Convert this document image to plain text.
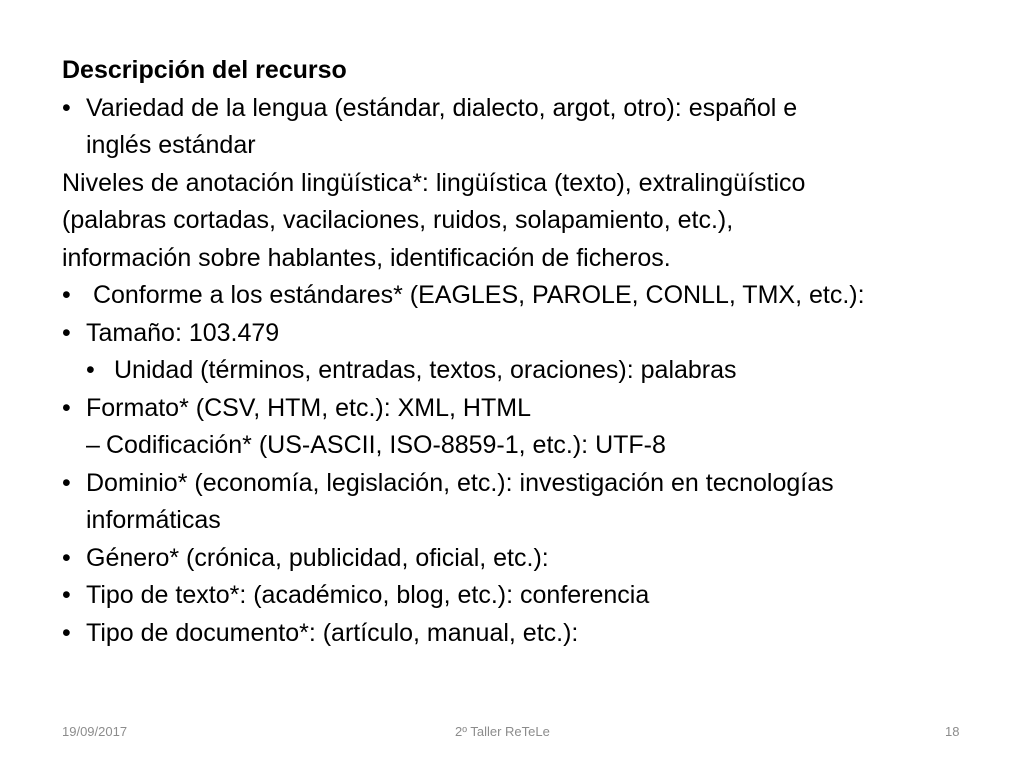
Descripción del recurso
• Variedad de la lengua (estándar, dialecto, argot, otro): español e
inglés estándar
Niveles de anotación lingüística*: lingüística (texto), extralingüístico
(palabras cortadas, vacilaciones, ruidos, solapamiento, etc.),
información sobre hablantes, identificación de ficheros.
• Conforme a los estándares* (EAGLES, PAROLE, CONLL, TMX, etc.):
• Tamaño: 103.479
• Unidad (términos, entradas, textos, oraciones): palabras
• Formato* (CSV, HTM, etc.): XML, HTML
– Codificación* (US-ASCII, ISO-8859-1, etc.): UTF-8
• Dominio* (economía, legislación, etc.): investigación en tecnologías
informáticas
• Género* (crónica, publicidad, oficial, etc.):
• Tipo de texto*: (académico, blog, etc.): conferencia
• Tipo de documento*: (artículo, manual, etc.):
19/09/2017	2º Taller ReTeLe	18
